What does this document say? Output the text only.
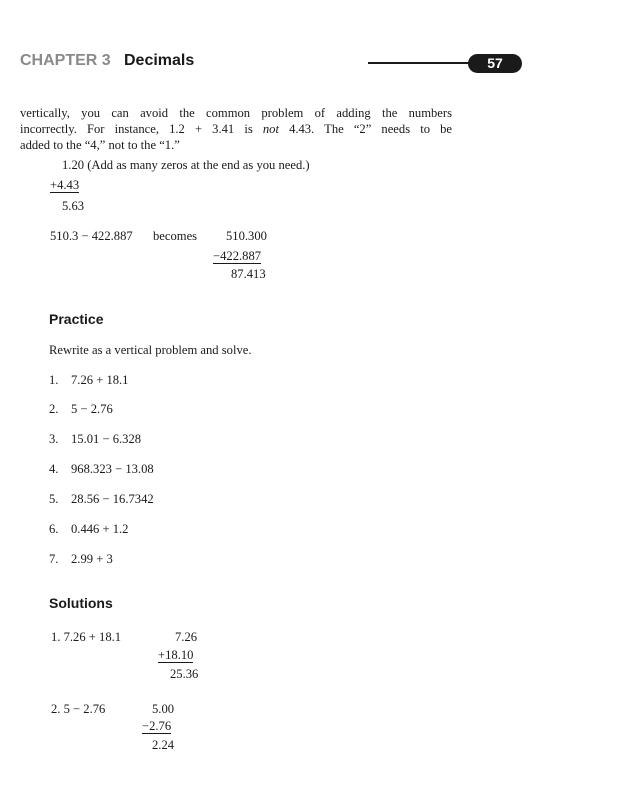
CHAPTER 3 Decimals	57
vertically, you can avoid the common problem of adding the numbers
incorrectly. For instance, 1.2 + 3.41 is not 4.43. The “2” needs to be
added to the “4,” not to the “1.”
1.20 (Add as many zeros at the end as you need.)
+4.43
5.63
510.3 − 422.887 becomes 510.300
−422.887
87.413
Practice
Rewrite as a vertical problem and solve.
1. 7.26 + 18.1
2. 5 − 2.76
3. 15.01 − 6.328
4. 968.323 − 13.08
5. 28.56 − 16.7342
6. 0.446 + 1.2
7. 2.99 + 3
Solutions
1. 7.26 + 18.1	7.26
+18.10
25.36
2. 5 − 2.76	5.00
−2.76
2.24
